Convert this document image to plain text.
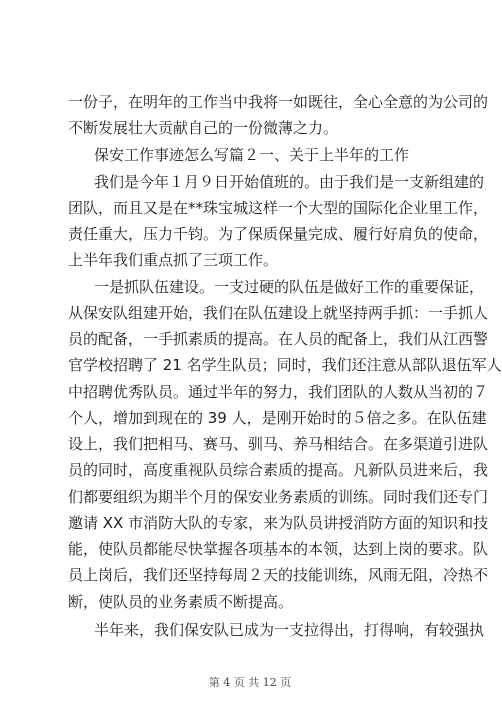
一份子，在明年的工作当中我将一如既往，全心全意的为公司的
不断发展壮大贡献自己的一份微薄之力。
保安工作事迹怎么写篇２一、关于上半年的工作
我们是今年１月９日开始值班的。由于我们是一支新组建的
团队，而且又是在**珠宝城这样一个大型的国际化企业里工作，
责任重大，压力千钧。为了保质保量完成、履行好肩负的使命，
上半年我们重点抓了三项工作。
一是抓队伍建设。一支过硬的队伍是做好工作的重要保证，
从保安队组建开始，我们在队伍建设上就坚持两手抓：一手抓人
员的配备，一手抓素质的提高。在人员的配备上，我们从江西警
官学校招聘了 21 名学生队员；同时，我们还注意从部队退伍军人
中招聘优秀队员。通过半年的努力，我们团队的人数从当初的７
个人，增加到现在的 39 人，是刚开始时的５倍之多。在队伍建
设上，我们把相马、赛马、驯马、养马相结合。在多渠道引进队
员的同时，高度重视队员综合素质的提高。凡新队员进来后，我
们都要组织为期半个月的保安业务素质的训练。同时我们还专门
邀请 XX 市消防大队的专家，来为队员讲授消防方面的知识和技
能，使队员都能尽快掌握各项基本的本领，达到上岗的要求。队
员上岗后，我们还坚持每周２天的技能训练，风雨无阻，冷热不
断，使队员的业务素质不断提高。
半年来，我们保安队已成为一支拉得出，打得响，有较强执
第 4 页 共 12 页
